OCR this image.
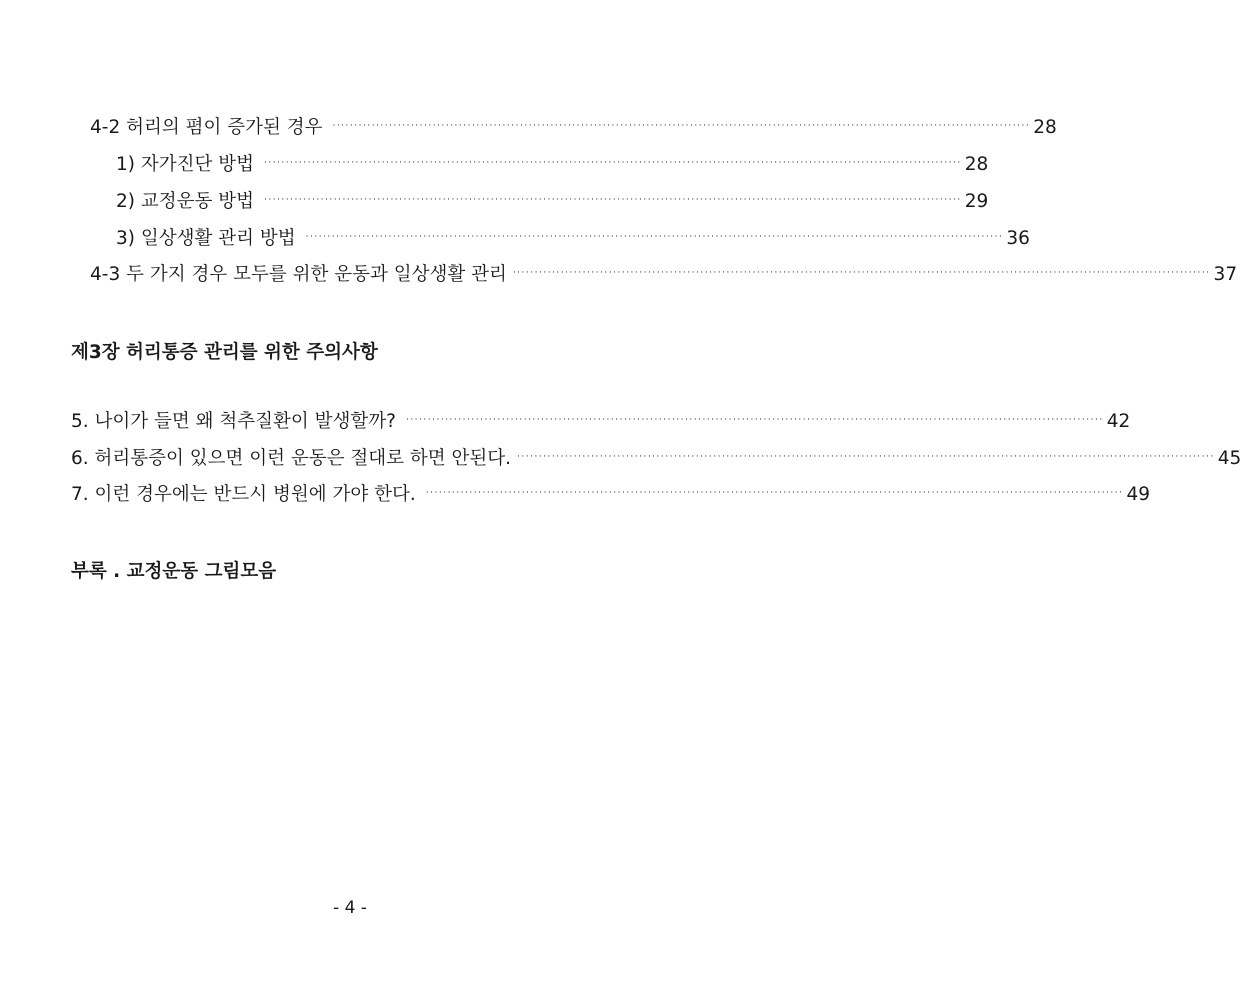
4-2 허리의 폄이 증가된 경우	································································································································································ 28
1) 자가진단 방법	································································································································································ 28
2) 교정운동 방법	································································································································································ 29
3) 일상생활 관리 방법	································································································································································ 36
4-3 두 가지 경우 모두를 위한 운동과 일상생활 관리 ································································································································································ 37
제3장 허리통증 관리를 위한 주의사항
5. 나이가 들면 왜 척추질환이 발생할까?	································································································································································ 42
6. 허리통증이 있으면 이런 운동은 절대로 하면 안된다. ································································································································································ 45
7. 이런 경우에는 반드시 병원에 가야 한다.	································································································································································ 49
부록 . 교정운동 그림모음
- 4 -
